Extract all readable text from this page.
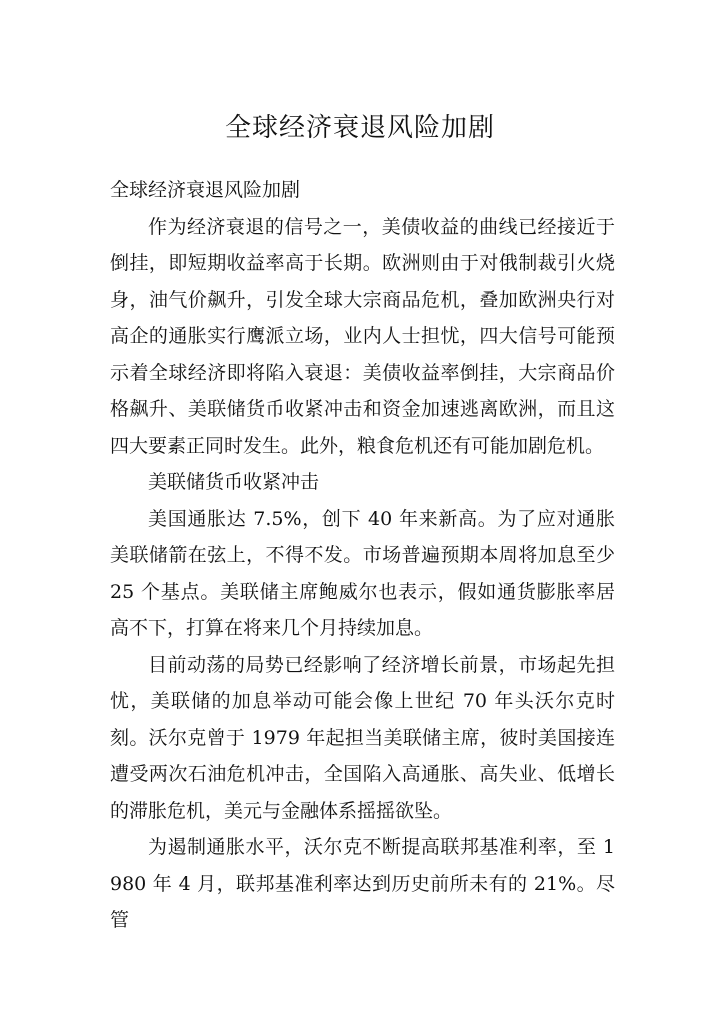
全球经济衰退风险加剧

全球经济衰退风险加剧

作为经济衰退的信号之一，美债收益的曲线已经接近于倒挂，即短期收益率高于长期。欧洲则由于对俄制裁引火烧身，油气价飙升，引发全球大宗商品危机，叠加欧洲央行对高企的通胀实行鹰派立场，业内人士担忧，四大信号可能预示着全球经济即将陷入衰退：美债收益率倒挂，大宗商品价格飙升、美联储货币收紧冲击和资金加速逃离欧洲，而且这四大要素正同时发生。此外，粮食危机还有可能加剧危机。

美联储货币收紧冲击

美国通胀达 7.5%，创下 40 年来新高。为了应对通胀美联储箭在弦上，不得不发。市场普遍预期本周将加息至少 25 个基点。美联储主席鲍威尔也表示，假如通货膨胀率居高不下，打算在将来几个月持续加息。

目前动荡的局势已经影响了经济增长前景，市场起先担忧，美联储的加息举动可能会像上世纪 70 年头沃尔克时刻。沃尔克曾于 1979 年起担当美联储主席，彼时美国接连遭受两次石油危机冲击，全国陷入高通胀、高失业、低增长的滞胀危机，美元与金融体系摇摇欲坠。

为遏制通胀水平，沃尔克不断提高联邦基准利率，至 1980 年 4 月，联邦基准利率达到历史前所未有的 21%。尽管
